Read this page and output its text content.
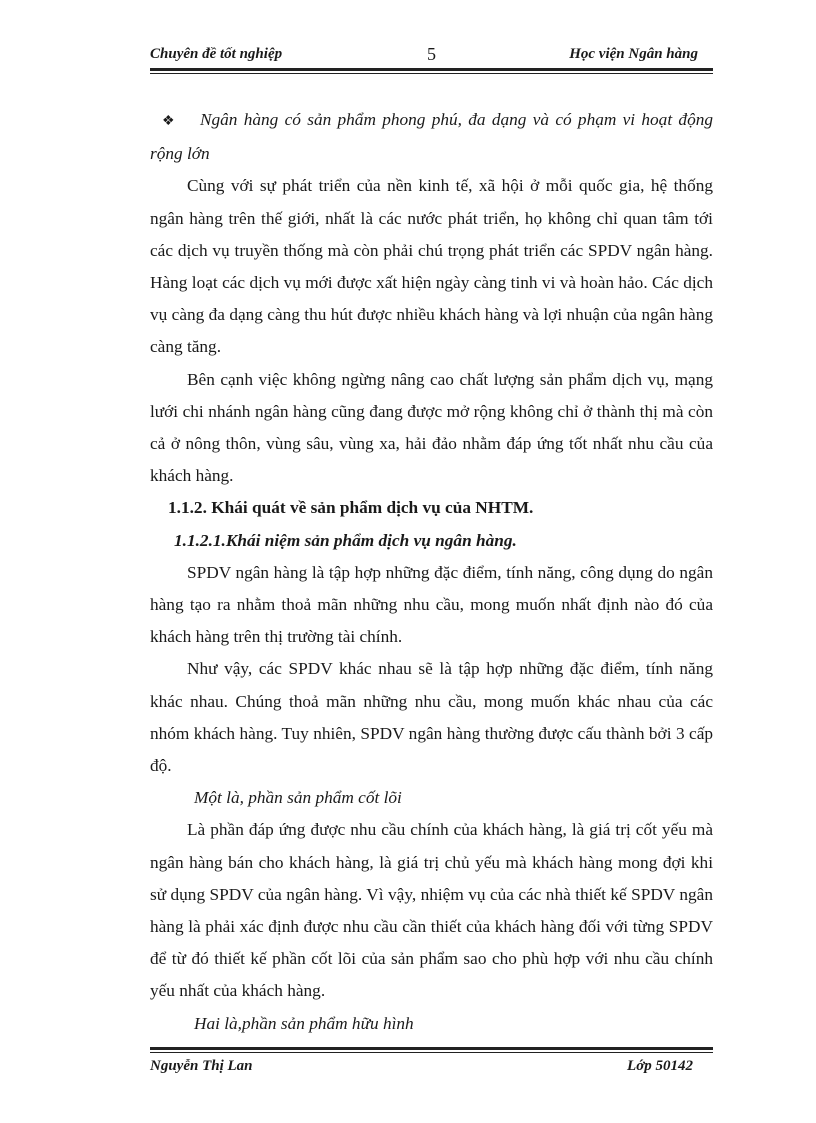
Chuyên đề tốt nghiệp	5	Học viện Ngân hàng

❖ Ngân hàng có sản phẩm phong phú, đa dạng và có phạm vi hoạt động rộng lớn

Cùng với sự phát triển của nền kinh tế, xã hội ở mỗi quốc gia, hệ thống ngân hàng trên thế giới, nhất là các nước phát triển, họ không chỉ quan tâm tới các dịch vụ truyền thống mà còn phải chú trọng phát triển các SPDV ngân hàng. Hàng loạt các dịch vụ mới được xất hiện ngày càng tinh vi và hoàn hảo. Các dịch vụ càng đa dạng càng thu hút được nhiều khách hàng và lợi nhuận của ngân hàng càng tăng.

Bên cạnh việc không ngừng nâng cao chất lượng sản phẩm dịch vụ, mạng lưới chi nhánh ngân hàng cũng đang được mở rộng không chỉ ở thành thị mà còn cả ở nông thôn, vùng sâu, vùng xa, hải đảo nhằm đáp ứng tốt nhất nhu cầu của khách hàng.

1.1.2. Khái quát về sản phẩm dịch vụ của NHTM.

1.1.2.1.Khái niệm sản phẩm dịch vụ ngân hàng.

SPDV ngân hàng là tập hợp những đặc điểm, tính năng, công dụng do ngân hàng tạo ra nhằm thoả mãn những nhu cầu, mong muốn nhất định nào đó của khách hàng trên thị trường tài chính.

Như vậy, các SPDV khác nhau sẽ là tập hợp những đặc điểm, tính năng khác nhau. Chúng thoả mãn những nhu cầu, mong muốn khác nhau của các nhóm khách hàng. Tuy nhiên, SPDV ngân hàng thường được cấu thành bởi 3 cấp độ.

Một là, phần sản phẩm cốt lõi

Là phần đáp ứng được nhu cầu chính của khách hàng, là giá trị cốt yếu mà ngân hàng bán cho khách hàng, là giá trị chủ yếu mà khách hàng mong đợi khi sử dụng SPDV của ngân hàng. Vì vậy, nhiệm vụ của các nhà thiết kế SPDV ngân hàng là phải xác định được nhu cầu cần thiết của khách hàng đối với từng SPDV để từ đó thiết kế phần cốt lõi của sản phẩm sao cho phù hợp với nhu cầu chính yếu nhất của khách hàng.

Hai là,phần sản phẩm hữu hình

Nguyễn Thị Lan	Lớp 50142
